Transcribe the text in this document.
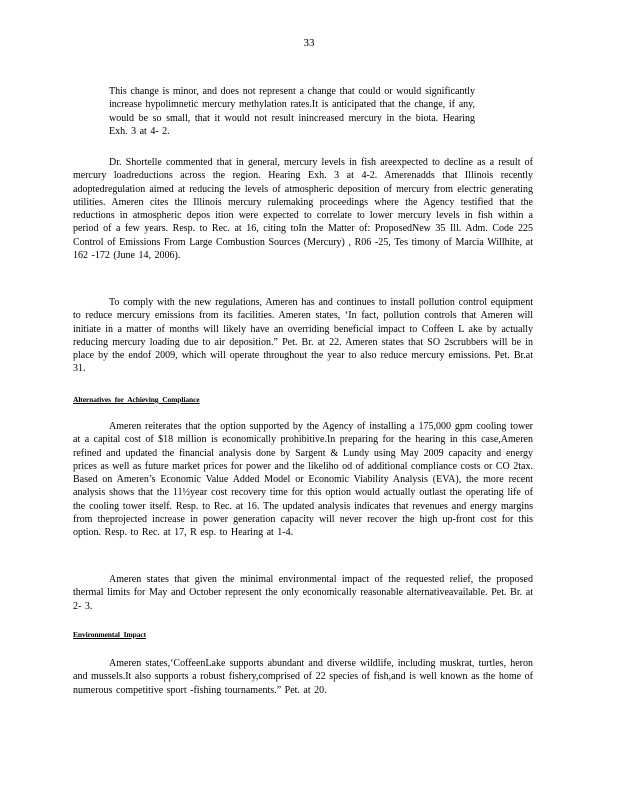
33

This change is minor, and does not represent a change that could or would significantly increase hypolimnetic mercury methylation rates.It is anticipated that the change, if any, would be so small, that it would not result inincreased mercury in the biota. Hearing Exh. 3 at 4- 2.

Dr. Shortelle commented that in general, mercury levels in fish areexpected to decline as a result of mercury loadreductions across the region. Hearing Exh. 3 at 4-2. Amerenadds that Illinois recently adoptedregulation aimed at reducing the levels of atmospheric deposition of mercury from electric generating utilities. Ameren cites the Illinois mercury rulemaking proceedings where the Agency testified that the reductions in atmospheric depos ition were expected to correlate to lower mercury levels in fish within a period of a few years. Resp. to Rec. at 16, citing toIn the Matter of: ProposedNew 35 Ill. Adm. Code 225 Control of Emissions From Large Combustion Sources (Mercury) , R06 -25, Tes timony of Marcia Willhite, at 162 -172 (June 14, 2006).

To comply with the new regulations, Ameren has and continues to install pollution control equipment to reduce mercury emissions from its facilities. Ameren states, ‘In fact, pollution controls that Ameren will initiate in a matter of months will likely have an overriding beneficial impact to Coffeen L ake by actually reducing mercury loading due to air deposition.” Pet. Br. at 22. Ameren states that SO 2scrubbers will be in place by the endof 2009, which will operate throughout the year to also reduce mercury emissions. Pet. Br.at 31.

Alternatives for Achieving Compliance

Ameren reiterates that the option supported by the Agency of installing a 175,000 gpm cooling tower at a capital cost of $18 million is economically prohibitive.In preparing for the hearing in this case,Ameren refined and updated the financial analysis done by Sargent & Lundy using May 2009 capacity and energy prices as well as future market prices for power and the likeliho od of additional compliance costs or CO 2tax. Based on Ameren’s Economic Value Added Model or Economic Viability Analysis (EVA), the more recent analysis shows that the 11½year cost recovery time for this option would actually outlast the operating life of the cooling tower itself. Resp. to Rec. at 16. The updated analysis indicates that revenues and energy margins from theprojected increase in power generation capacity will never recover the high up-front cost for this option. Resp. to Rec. at 17, R esp. to Hearing at 1-4.

Ameren states that given the minimal environmental impact of the requested relief, the proposed thermal limits for May and October represent the only economically reasonable alternativeavailable. Pet. Br. at 2- 3.

Environmental Impact

Ameren states,‘CoffeenLake supports abundant and diverse wildlife, including muskrat, turtles, heron and mussels.It also supports a robust fishery,comprised of 22 species of fish,and is well known as the home of numerous competitive sport -fishing tournaments.” Pet. at 20.
